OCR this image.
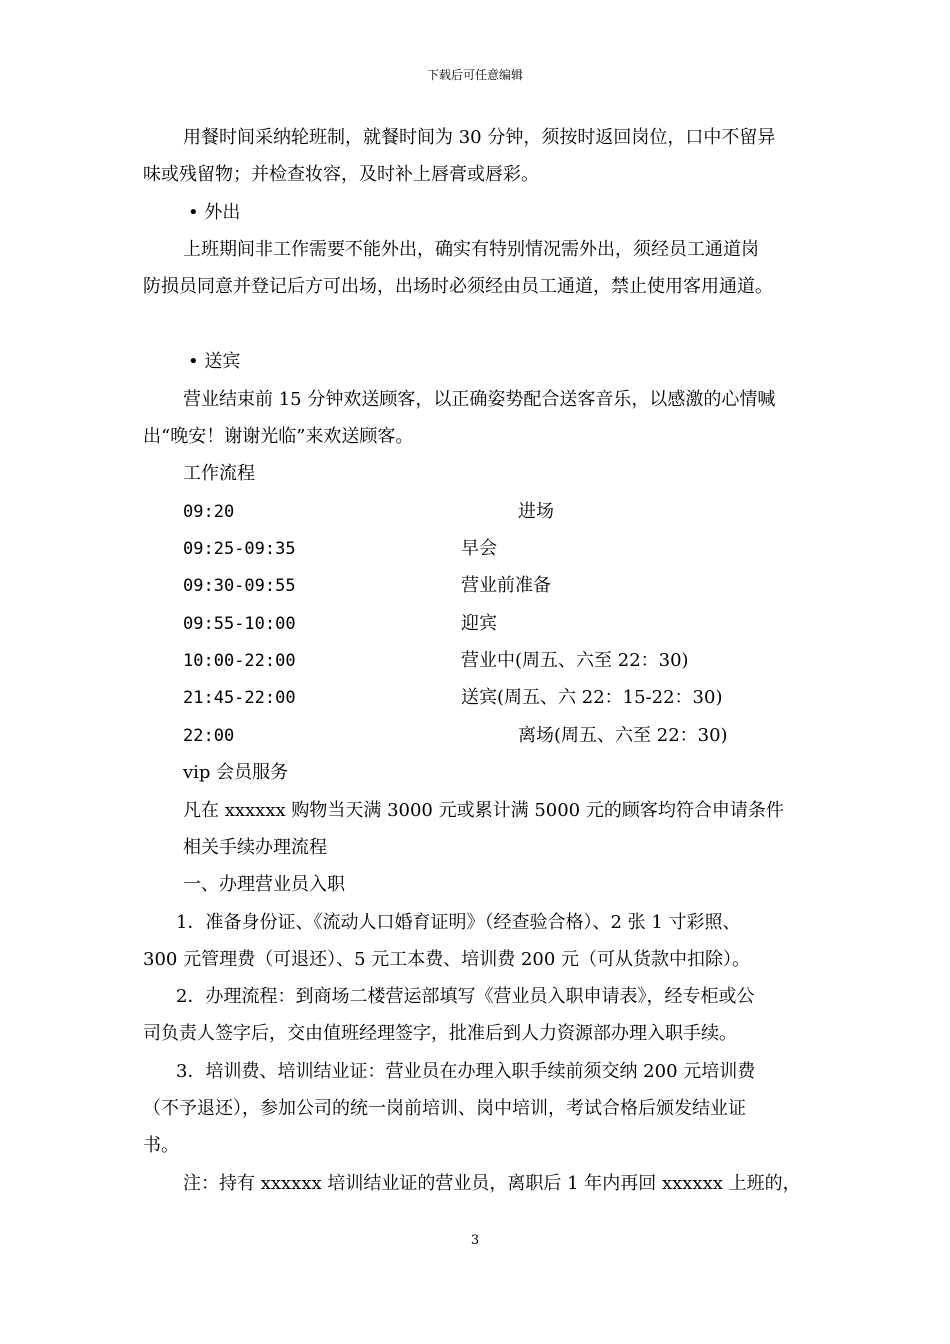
下载后可任意编辑
用餐时间采纳轮班制，就餐时间为 30 分钟，须按时返回岗位，口中不留异
味或残留物；并检查妆容，及时补上唇膏或唇彩。
• 外出
上班期间非工作需要不能外出，确实有特别情况需外出，须经员工通道岗
防损员同意并登记后方可出场，出场时必须经由员工通道，禁止使用客用通道。
• 送宾
营业结束前 15 分钟欢送顾客，以正确姿势配合送客音乐，以感激的心情喊
出“晚安！谢谢光临”来欢送顾客。
工作流程
09:20	进场
09:25-09:35	早会
09:30-09:55	营业前准备
09:55-10:00	迎宾
10:00-22:00	营业中(周五、六至 22：30)
21:45-22:00	送宾(周五、六 22：15-22：30)
22:00	离场(周五、六至 22：30)
vip 会员服务
凡在 xxxxxx 购物当天满 3000 元或累计满 5000 元的顾客均符合申请条件
相关手续办理流程
一、办理营业员入职
1．准备身份证、《流动人口婚育证明》（经查验合格）、2 张 1 寸彩照、
300 元管理费（可退还）、5 元工本费、培训费 200 元（可从货款中扣除）。
2．办理流程：到商场二楼营运部填写《营业员入职申请表》，经专柜或公
司负责人签字后，交由值班经理签字，批准后到人力资源部办理入职手续。
3．培训费、培训结业证：营业员在办理入职手续前须交纳 200 元培训费
（不予退还），参加公司的统一岗前培训、岗中培训，考试合格后颁发结业证
书。
注：持有 xxxxxx 培训结业证的营业员，离职后 1 年内再回 xxxxxx 上班的，
3
